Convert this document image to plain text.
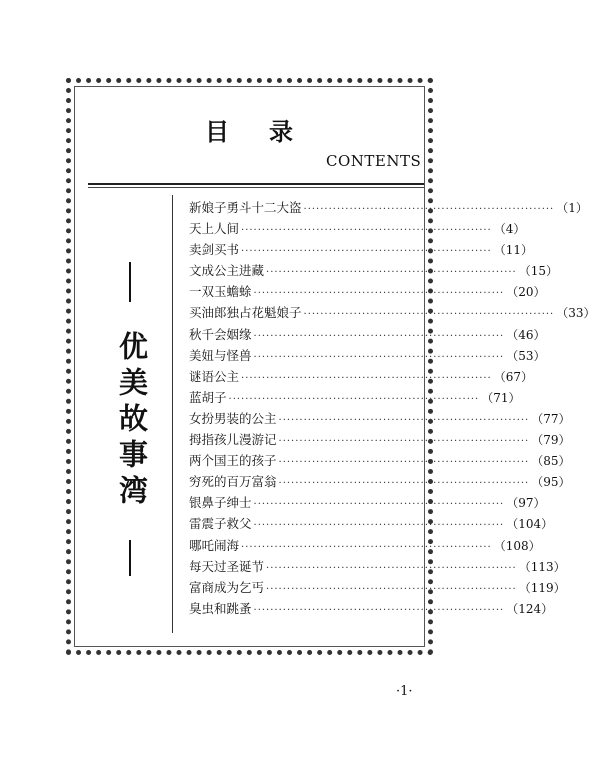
目录
CONTENTS
优美故事湾
新娘子勇斗十二大盗 ···························································· （1）
天上人间 ···························································· （4）
卖剑买书 ···························································· （11）
文成公主进藏 ···························································· （15）
一双玉蟾蜍 ···························································· （20）
买油郎独占花魁娘子 ···························································· （33）
秋千会姻缘 ···························································· （46）
美妞与怪兽 ···························································· （53）
谜语公主 ···························································· （67）
蓝胡子 ···························································· （71）
女扮男装的公主 ···························································· （77）
拇指孩儿漫游记 ···························································· （79）
两个国王的孩子 ···························································· （85）
穷死的百万富翁 ···························································· （95）
银鼻子绅士 ···························································· （97）
雷震子救父 ···························································· （104）
哪吒闹海 ···························································· （108）
每天过圣诞节 ···························································· （113）
富商成为乞丐 ···························································· （119）
臭虫和跳蚤 ···························································· （124）
·1·
